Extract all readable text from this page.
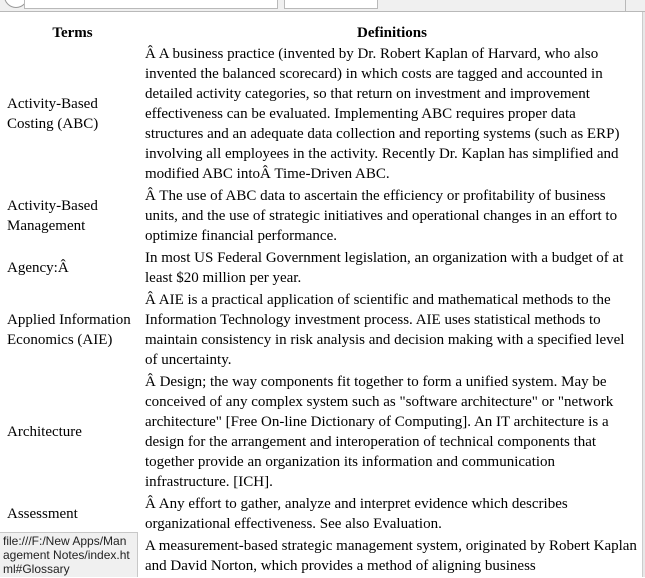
Terms	Definitions
Activity-Based Costing (ABC)	Â A business practice (invented by Dr. Robert Kaplan of Harvard, who also invented the balanced scorecard) in which costs are tagged and accounted in detailed activity categories, so that return on investment and improvement effectiveness can be evaluated. Implementing ABC requires proper data structures and an adequate data collection and reporting systems (such as ERP) involving all employees in the activity. Recently Dr. Kaplan has simplified and modified ABC intoÂ Time-Driven ABC.
Activity-Based Management	Â The use of ABC data to ascertain the efficiency or profitability of business units, and the use of strategic initiatives and operational changes in an effort to optimize financial performance.
Agency:Â	In most US Federal Government legislation, an organization with a budget of at least $20 million per year.
Applied Information Economics (AIE)	Â AIE is a practical application of scientific and mathematical methods to the Information Technology investment process. AIE uses statistical methods to maintain consistency in risk analysis and decision making with a specified level of uncertainty.
Architecture	Â Design; the way components fit together to form a unified system. May be conceived of any complex system such as "software architecture" or "network architecture" [Free On-line Dictionary of Computing]. An IT architecture is a design for the arrangement and interoperation of technical components that together provide an organization its information and communication infrastructure. [ICH].
Assessment	Â Any effort to gather, analyze and interpret evidence which describes organizational effectiveness. See also Evaluation.
	A measurement-based strategic management system, originated by Robert Kaplan and David Norton, which provides a method of aligning business
file:///F:/New Apps/Management Notes/index.html#Glossary
